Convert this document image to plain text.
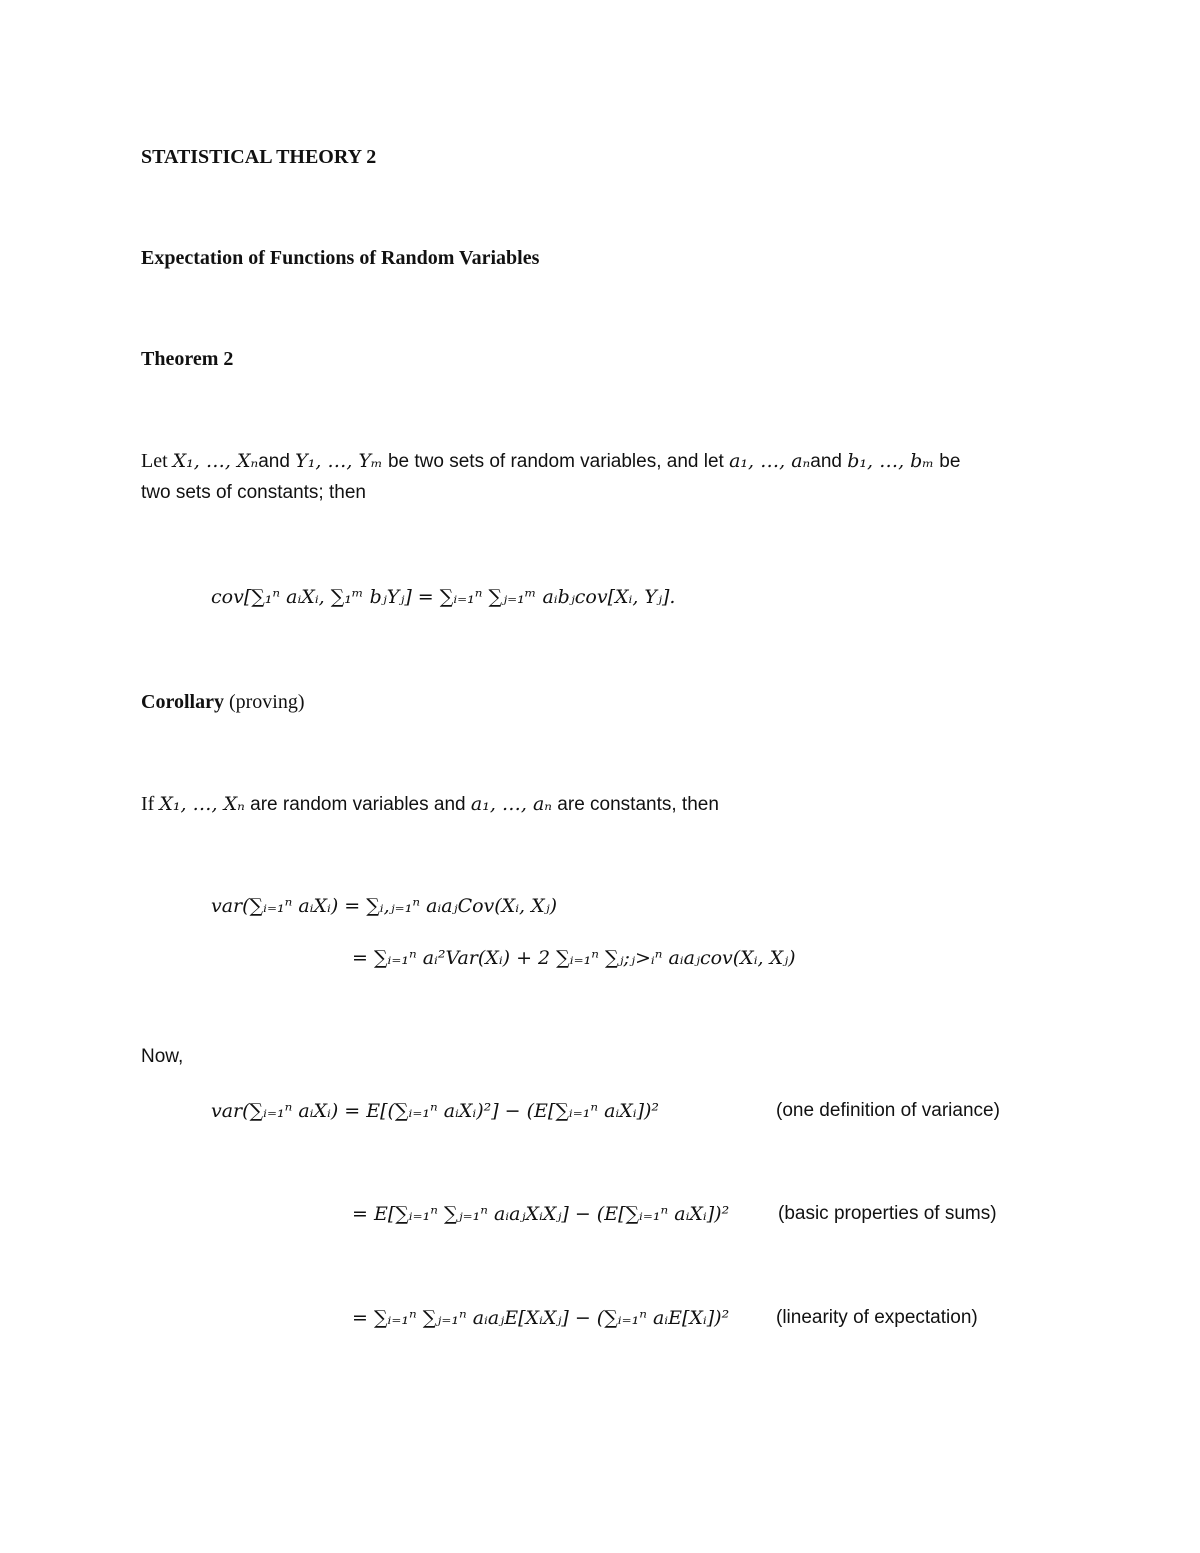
STATISTICAL THEORY 2
Expectation of Functions of Random Variables
Theorem 2
Let X₁, …, Xₙand Y₁, …, Yₘ be two sets of random variables, and let a₁, …, aₙand b₁, …, bₘ be
two sets of constants; then
cov[∑₁ⁿ aᵢXᵢ, ∑₁ᵐ bⱼYⱼ] = ∑ᵢ₌₁ⁿ ∑ⱼ₌₁ᵐ aᵢbⱼcov[Xᵢ, Yⱼ].
Corollary (proving)
If X₁, …, Xₙ are random variables and a₁, …, aₙ are constants, then
var(∑ᵢ₌₁ⁿ aᵢXᵢ) = ∑ᵢ,ⱼ₌₁ⁿ aᵢaⱼCov(Xᵢ, Xⱼ)
= ∑ᵢ₌₁ⁿ aᵢ²Var(Xᵢ) + 2 ∑ᵢ₌₁ⁿ ∑ⱼ;ⱼ>ᵢⁿ aᵢaⱼcov(Xᵢ, Xⱼ)
Now,
var(∑ᵢ₌₁ⁿ aᵢXᵢ) = E[(∑ᵢ₌₁ⁿ aᵢXᵢ)²] − (E[∑ᵢ₌₁ⁿ aᵢXᵢ])²	(one definition of variance)
= E[∑ᵢ₌₁ⁿ ∑ⱼ₌₁ⁿ aᵢaⱼXᵢXⱼ] − (E[∑ᵢ₌₁ⁿ aᵢXᵢ])²	(basic properties of sums)
= ∑ᵢ₌₁ⁿ ∑ⱼ₌₁ⁿ aᵢaⱼE[XᵢXⱼ] − (∑ᵢ₌₁ⁿ aᵢE[Xᵢ])² (linearity of expectation)
